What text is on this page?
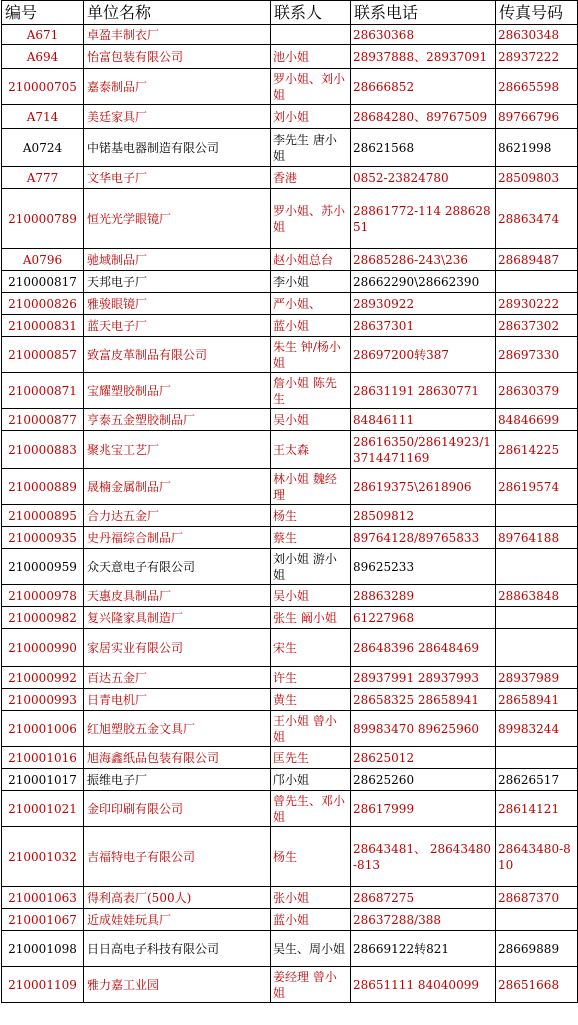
编号	单位名称	联系人	联系电话	传真号码
A671	卓盈丰制衣厂		28630368	28630348
A694	怡富包装有限公司	池小姐	28937888、28937091	28937222
210000705	嘉泰制品厂	罗小姐、刘小姐	28666852	28665598
A714	美廷家具厂	刘小姐	28684280、89767509	89766796
A0724	中锘基电器制造有限公司	李先生 唐小姐	28621568	8621998
A777	文华电子厂	香港	0852-23824780	28509803
210000789	恒光光学眼镜厂	罗小姐、苏小姐	28861772-114 28862851	28863474
A0796	驰域制品厂	赵小姐总台	28685286-243\236	28689487
210000817	天邦电子厂	李小姐	28662290\28662390	
210000826	雅骏眼镜厂	严小姐、	28930922	28930222
210000831	蓝天电子厂	蓝小姐	28637301	28637302
210000857	致富皮革制品有限公司	朱生 钟/杨小姐	28697200转387	28697330
210000871	宝耀塑胶制品厂	詹小姐 陈先生	28631191 28630771	28630379
210000877	亨泰五金塑胶制品厂	吴小姐	84846111	84846699
210000883	聚兆宝工艺厂	王太森	28616350/28614923/13714471169	28614225
210000889	晟楠金属制品厂	林小姐 魏经理	28619375\2618906	28619574
210000895	合力达五金厂	杨生	28509812	
210000935	史丹福综合制品厂	蔡生	89764128/89765833	89764188
210000959	众天意电子有限公司	刘小姐 游小姐	89625233	
210000978	天惠皮具制品厂	吴小姐	28863289	28863848
210000982	复兴隆家具制造厂	张生 阚小姐	61227968	
210000990	家居实业有限公司	宋生	28648396 28648469	
210000992	百达五金厂	许生	28937991 28937993	28937989
210000993	日青电机厂	黄生	28658325 28658941	28658941
210001006	红旭塑胶五金文具厂	王小姐 曾小姐	89983470 89625960	89983244
210001016	旭海鑫纸品包装有限公司	匡先生	28625012	
210001017	振维电子厂	邝小姐	28625260	28626517
210001021	金印印刷有限公司	曾先生、邓小姐	28617999	28614121
210001032	吉福特电子有限公司	杨生	28643481、 28643480-813	28643480-810
210001063	得利高表厂(500人)	张小姐	28687275	28687370
210001067	近成娃娃玩具厂	蓝小姐	28637288/388	
210001098	日日高电子科技有限公司	吴生、周小姐	28669122转821	28669889
210001109	雅力嘉工业园	姜经理 曾小姐	28651111 84040099	28651668
